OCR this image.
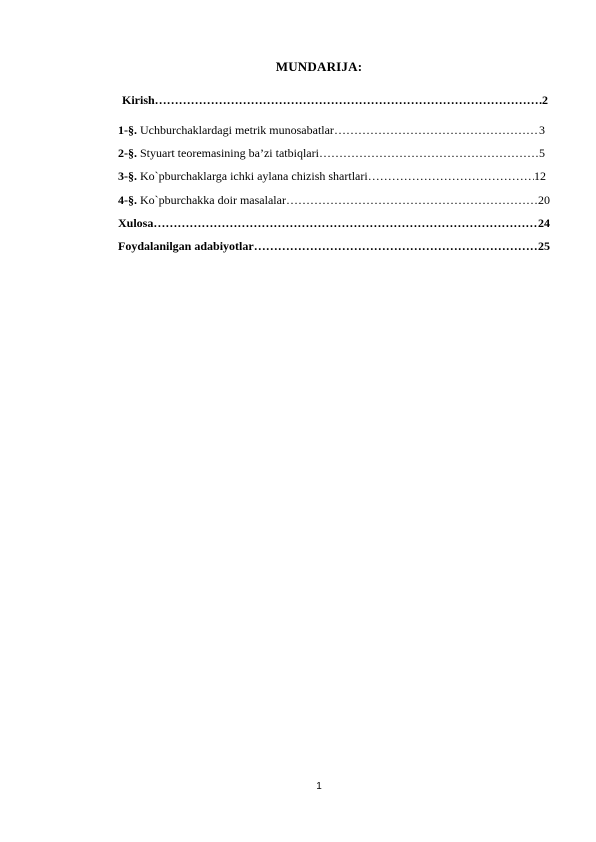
MUNDARIJA:
Kirish ………………………………………………………………………………………………………………………………………………………………………………	2
1-§. Uchburchaklardagi metrik munosabatlar ………………………………………………………………………………………………………………………………………………………………………………	3
2-§. Styuart teoremasining ba’zi tatbiqlari ………………………………………………………………………………………………………………………………………………………………………………	5
3-§. Ko`pburchaklarga ichki aylana chizish shartlari ………………………………………………………………………………………………………………………………………………………………………………	12
4-§. Ko`pburchakka doir masalalar ………………………………………………………………………………………………………………………………………………………………………………	20
Xulosa ………………………………………………………………………………………………………………………………………………………………………………	24
Foydalanilgan adabiyotlar ………………………………………………………………………………………………………………………………………………………………………………	25
1
